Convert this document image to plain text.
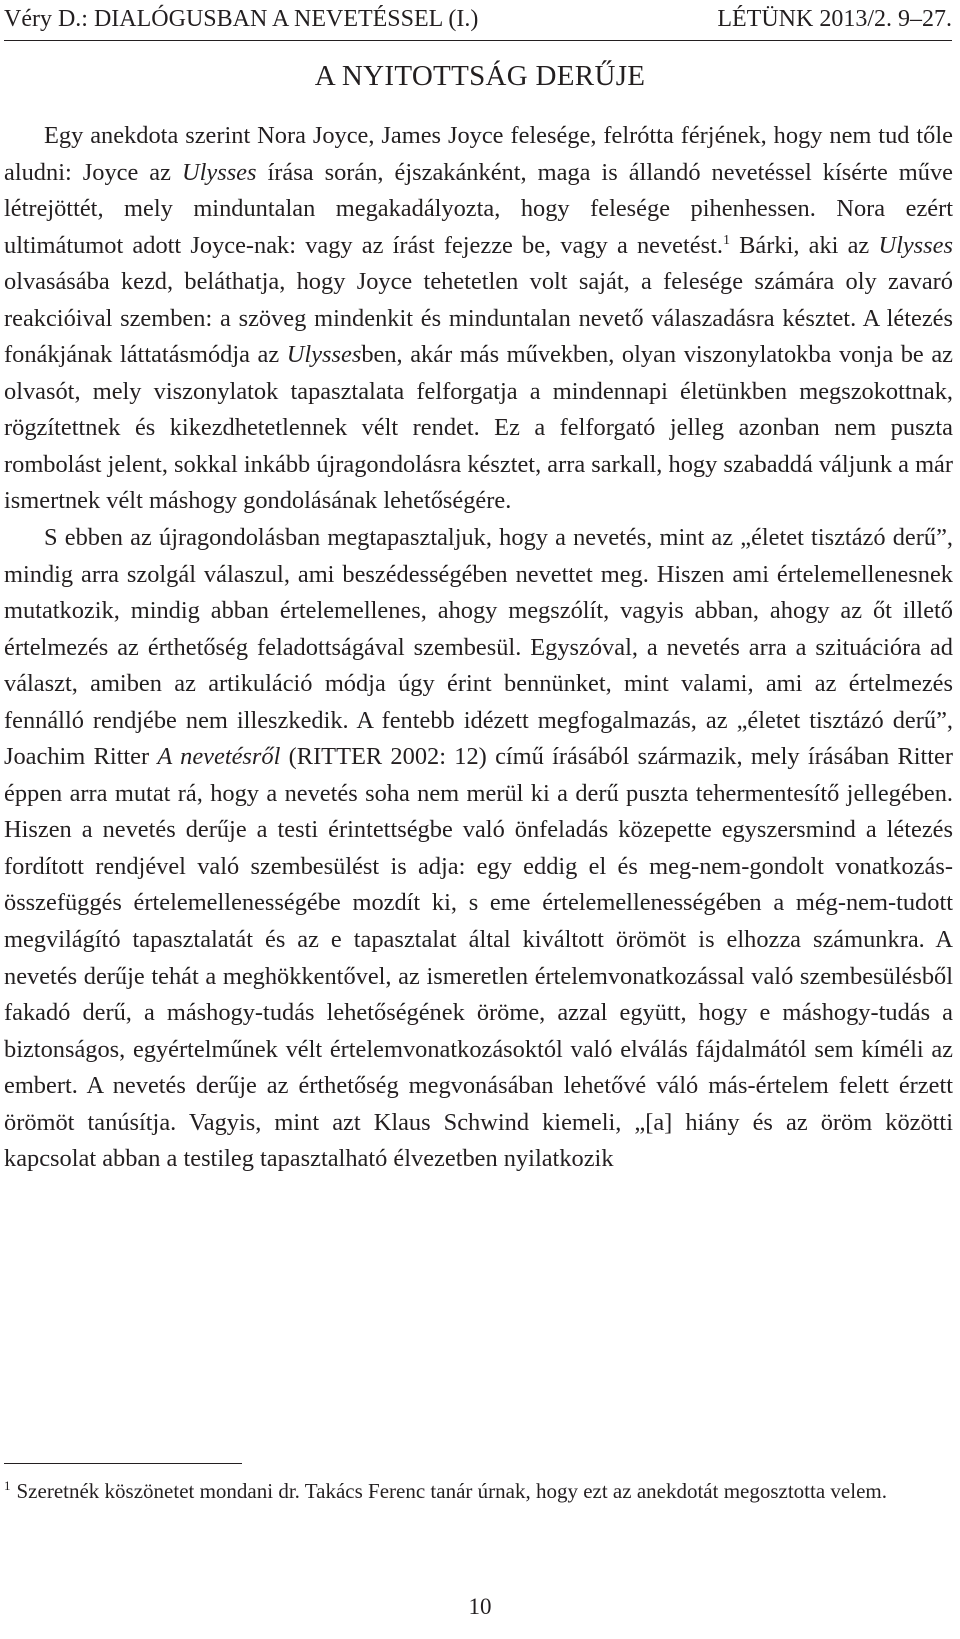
Véry D.: DIALÓGUSBAN A NEVETÉSSEL (I.)	LÉTÜNK 2013/2. 9–27.
A NYITOTTSÁG DERŰJE

Egy anekdota szerint Nora Joyce, James Joyce felesége, felrótta férjének, hogy nem tud tőle aludni: Joyce az Ulysses írása során, éjszakánként, maga is állandó nevetéssel kísérte műve létrejöttét, mely minduntalan megakadályozta, hogy felesége pihenhessen. Nora ezért ultimátumot adott Joyce-nak: vagy az írást fejezze be, vagy a nevetést.$^1$ Bárki, aki az Ulysses olvasásába kezd, beláthatja, hogy Joyce tehetetlen volt saját, a felesége számára oly zavaró reakcióival szemben: a szöveg mindenkit és minduntalan nevető válaszadásra késztet. A létezés fonákjának láttatásmódja az Ulyssesben, akár más művekben, olyan viszonylatokba vonja be az olvasót, mely viszonylatok tapasztalata felforgatja a mindennapi életünkben megszokottnak, rögzítettnek és kikezdhetetlennek vélt rendet. Ez a felforgató jelleg azonban nem puszta rombolást jelent, sokkal inkább újragondolásra késztet, arra sarkall, hogy szabaddá váljunk a már ismertnek vélt máshogy gondolásának lehetőségére.

S ebben az újragondolásban megtapasztaljuk, hogy a nevetés, mint az „életet tisztázó derű”, mindig arra szolgál válaszul, ami beszédességében nevettet meg. Hiszen ami értelemellenesnek mutatkozik, mindig abban értelemellenes, ahogy megszólít, vagyis abban, ahogy az őt illető értelmezés az érthetőség feladottságával szembesül. Egyszóval, a nevetés arra a szituációra ad választ, amiben az artikuláció módja úgy érint bennünket, mint valami, ami az értelmezés fennálló rendjébe nem illeszkedik. A fentebb idézett megfogalmazás, az „életet tisztázó derű”, Joachim Ritter A nevetésről (RITTER 2002: 12) című írásából származik, mely írásában Ritter éppen arra mutat rá, hogy a nevetés soha nem merül ki a derű puszta tehermentesítő jellegében. Hiszen a nevetés derűje a testi érintettségbe való önfeladás közepette egyszersmind a létezés fordított rendjével való szembesülést is adja: egy eddig el és meg-nem-gondolt vonatkozás-összefüggés értelemellenességébe mozdít ki, s eme értelemellenességében a még-nem-tudott megvilágító tapasztalatát és az e tapasztalat által kiváltott örömöt is elhozza számunkra. A nevetés derűje tehát a meghökkentővel, az ismeretlen értelemvonatkozással való szembesülésből fakadó derű, a máshogy-tudás lehetőségének öröme, azzal együtt, hogy e máshogy-tudás a biztonságos, egyértelműnek vélt értelemvonatkozásoktól való elválás fájdalmától sem kíméli az embert. A nevetés derűje az érthetőség megvonásában lehetővé váló más-értelem felett érzett örömöt tanúsítja. Vagyis, mint azt Klaus Schwind kiemeli, „[a] hiány és az öröm közötti kapcsolat abban a testileg tapasztalható élvezetben nyilatkozik

$^1$ Szeretnék köszönetet mondani dr. Takács Ferenc tanár úrnak, hogy ezt az anekdotát megosztotta velem.
10
